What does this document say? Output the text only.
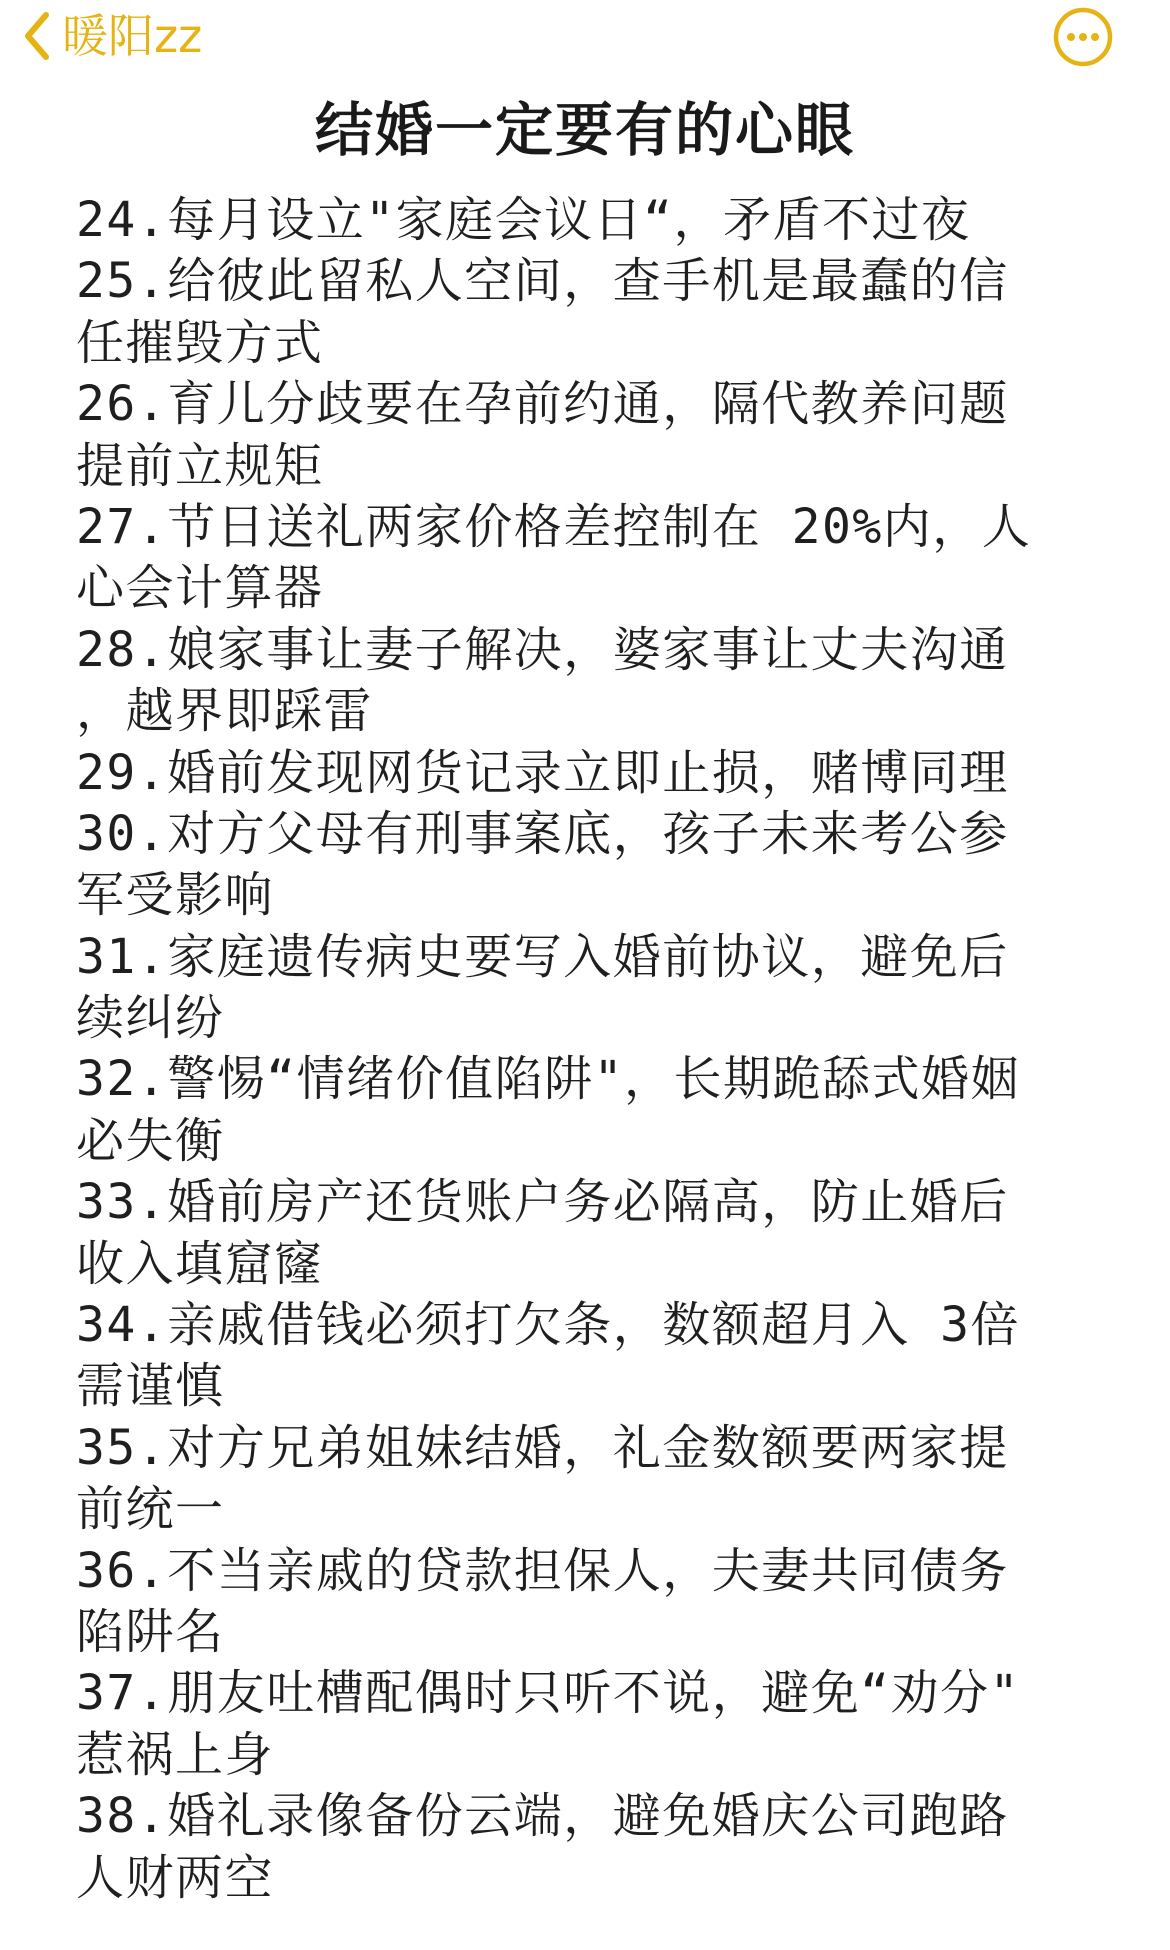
暖阳zz
结婚一定要有的心眼
24.每月设立"家庭会议日“，矛盾不过夜
25.给彼此留私人空间，查手机是最蠢的信
任摧毁方式
26.育儿分歧要在孕前约通，隔代教养问题
提前立规矩
27.节日送礼两家价格差控制在 20%内，人
心会计算器
28.娘家事让妻子解决，婆家事让丈夫沟通
，越界即踩雷
29.婚前发现网货记录立即止损，赌博同理
30.对方父母有刑事案底，孩子未来考公参
军受影响
31.家庭遗传病史要写入婚前协议，避免后
续纠纷
32.警惕“情绪价值陷阱"，长期跪舔式婚姻
必失衡
33.婚前房产还货账户务必隔高，防止婚后
收入填窟窿
34.亲戚借钱必须打欠条，数额超月入 3倍
需谨慎
35.对方兄弟姐妹结婚，礼金数额要两家提
前统一
36.不当亲戚的贷款担保人，夫妻共同债务
陷阱名
37.朋友吐槽配偶时只听不说，避免“劝分"
惹祸上身
38.婚礼录像备份云端，避免婚庆公司跑路
人财两空
